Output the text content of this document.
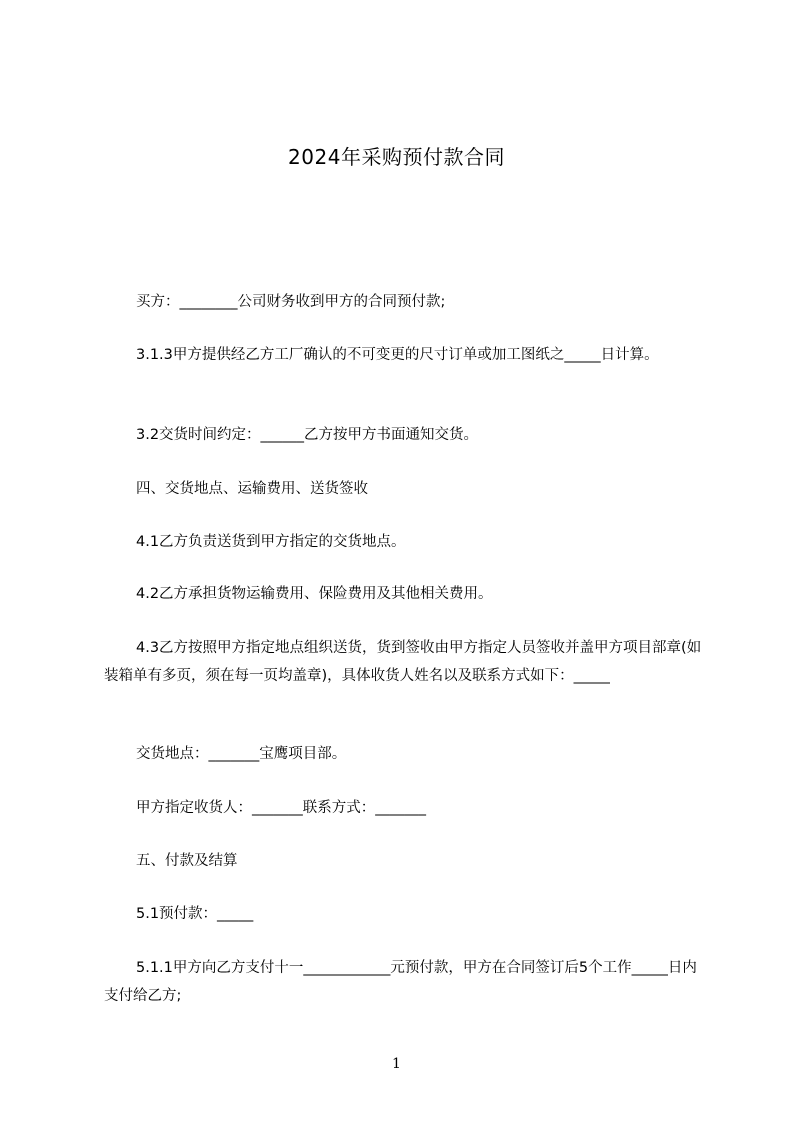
2024年采购预付款合同
买方：________公司财务收到甲方的合同预付款;
3.1.3甲方提供经乙方工厂确认的不可变更的尺寸订单或加工图纸之_____日计算。
3.2交货时间约定：______乙方按甲方书面通知交货。
四、交货地点、运输费用、送货签收
4.1乙方负责送货到甲方指定的交货地点。
4.2乙方承担货物运输费用、保险费用及其他相关费用。
4.3乙方按照甲方指定地点组织送货，货到签收由甲方指定人员签收并盖甲方项目部章(如装箱单有多页，须在每一页均盖章)，具体收货人姓名以及联系方式如下：_____
交货地点：_______宝鹰项目部。
甲方指定收货人：_______联系方式：_______
五、付款及结算
5.1预付款：_____
5.1.1甲方向乙方支付十一____________元预付款，甲方在合同签订后5个工作_____日内支付给乙方;
1
